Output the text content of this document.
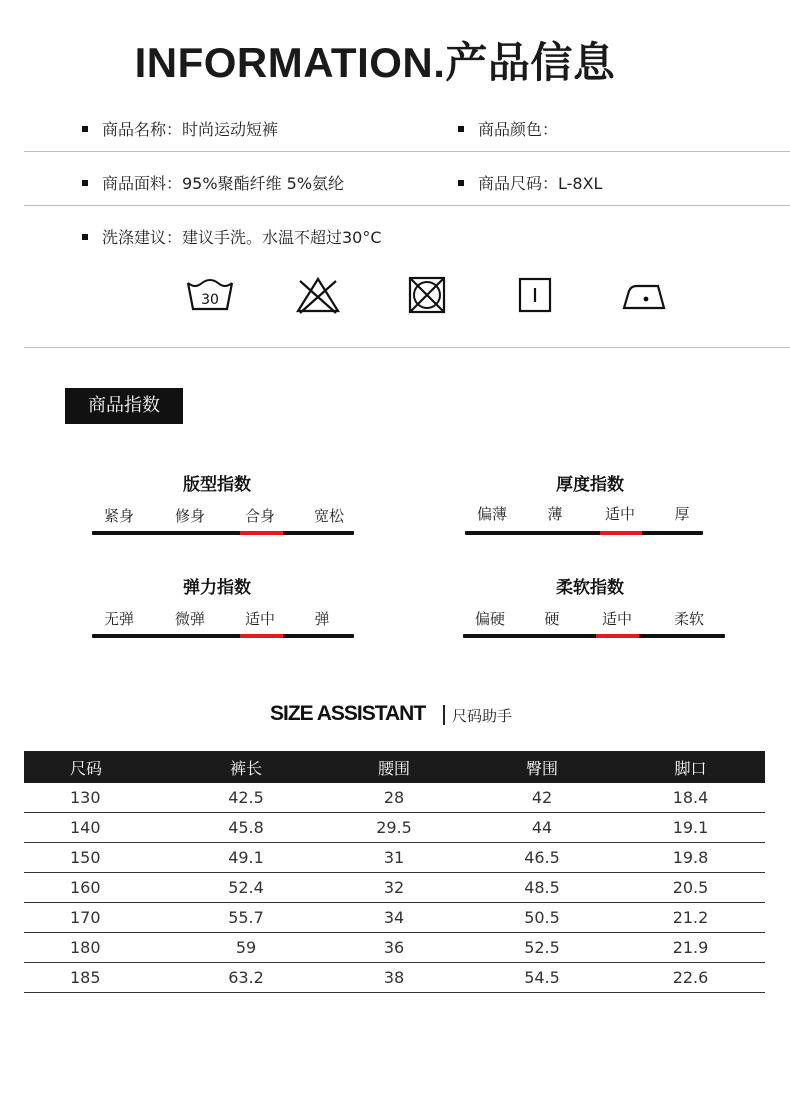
INFORMATION.产品信息
商品名称：时尚运动短裤	商品颜色：
商品面料：95%聚酯纤维 5%氨纶	商品尺码：L-8XL
洗涤建议：建议手洗。水温不超过30°C
30
商品指数
版型指数
紧身	修身	合身	宽松
厚度指数
偏薄	薄	适中	厚
弹力指数
无弹	微弹	适中	弹
柔软指数
偏硬	硬	适中	柔软
SIZE ASSISTANT 尺码助手
尺码	裤长	腰围	臀围	脚口
130	42.5	28	42	18.4
140	45.8	29.5	44	19.1
150	49.1	31	46.5	19.8
160	52.4	32	48.5	20.5
170	55.7	34	50.5	21.2
180	59	36	52.5	21.9
185	63.2	38	54.5	22.6
